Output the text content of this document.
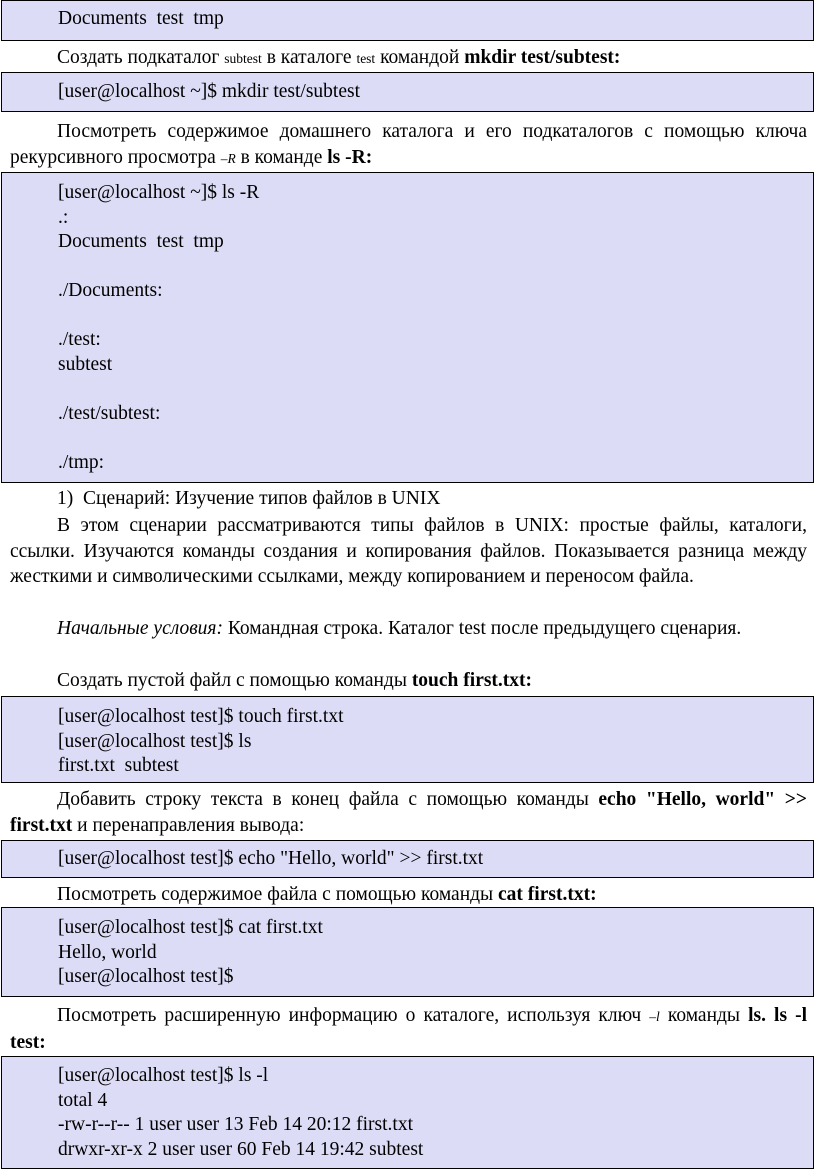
Documents  test  tmp
Создать подкаталог subtest в каталоге test командой mkdir test/subtest:
[user@localhost ~]$ mkdir test/subtest
Посмотреть содержимое домашнего каталога и его подкаталогов с помощью ключа рекурсивного просмотра –R в команде ls -R:
[user@localhost ~]$ ls -R
.:
Documents  test  tmp
./Documents:
./test:
subtest
./test/subtest:
./tmp:
1) Сценарий: Изучение типов файлов в UNIX
В этом сценарии рассматриваются типы файлов в UNIX: простые файлы, каталоги, ссылки. Изучаются команды создания и копирования файлов. Показывается разница между жесткими и символическими ссылками, между копированием и переносом файла.
Начальные условия: Командная строка. Каталог test после предыдущего сценария.
Создать пустой файл с помощью команды touch first.txt:
[user@localhost test]$ touch first.txt
[user@localhost test]$ ls
first.txt  subtest
Добавить строку текста в конец файла с помощью команды echo "Hello, world" >> first.txt и перенаправления вывода:
[user@localhost test]$ echo "Hello, world" >> first.txt
Посмотреть содержимое файла с помощью команды cat first.txt:
[user@localhost test]$ cat first.txt
Hello, world
[user@localhost test]$
Посмотреть расширенную информацию о каталоге, используя ключ –l команды ls. ls -l test:
[user@localhost test]$ ls -l
total 4
-rw-r--r-- 1 user user 13 Feb 14 20:12 first.txt
drwxr-xr-x 2 user user 60 Feb 14 19:42 subtest
